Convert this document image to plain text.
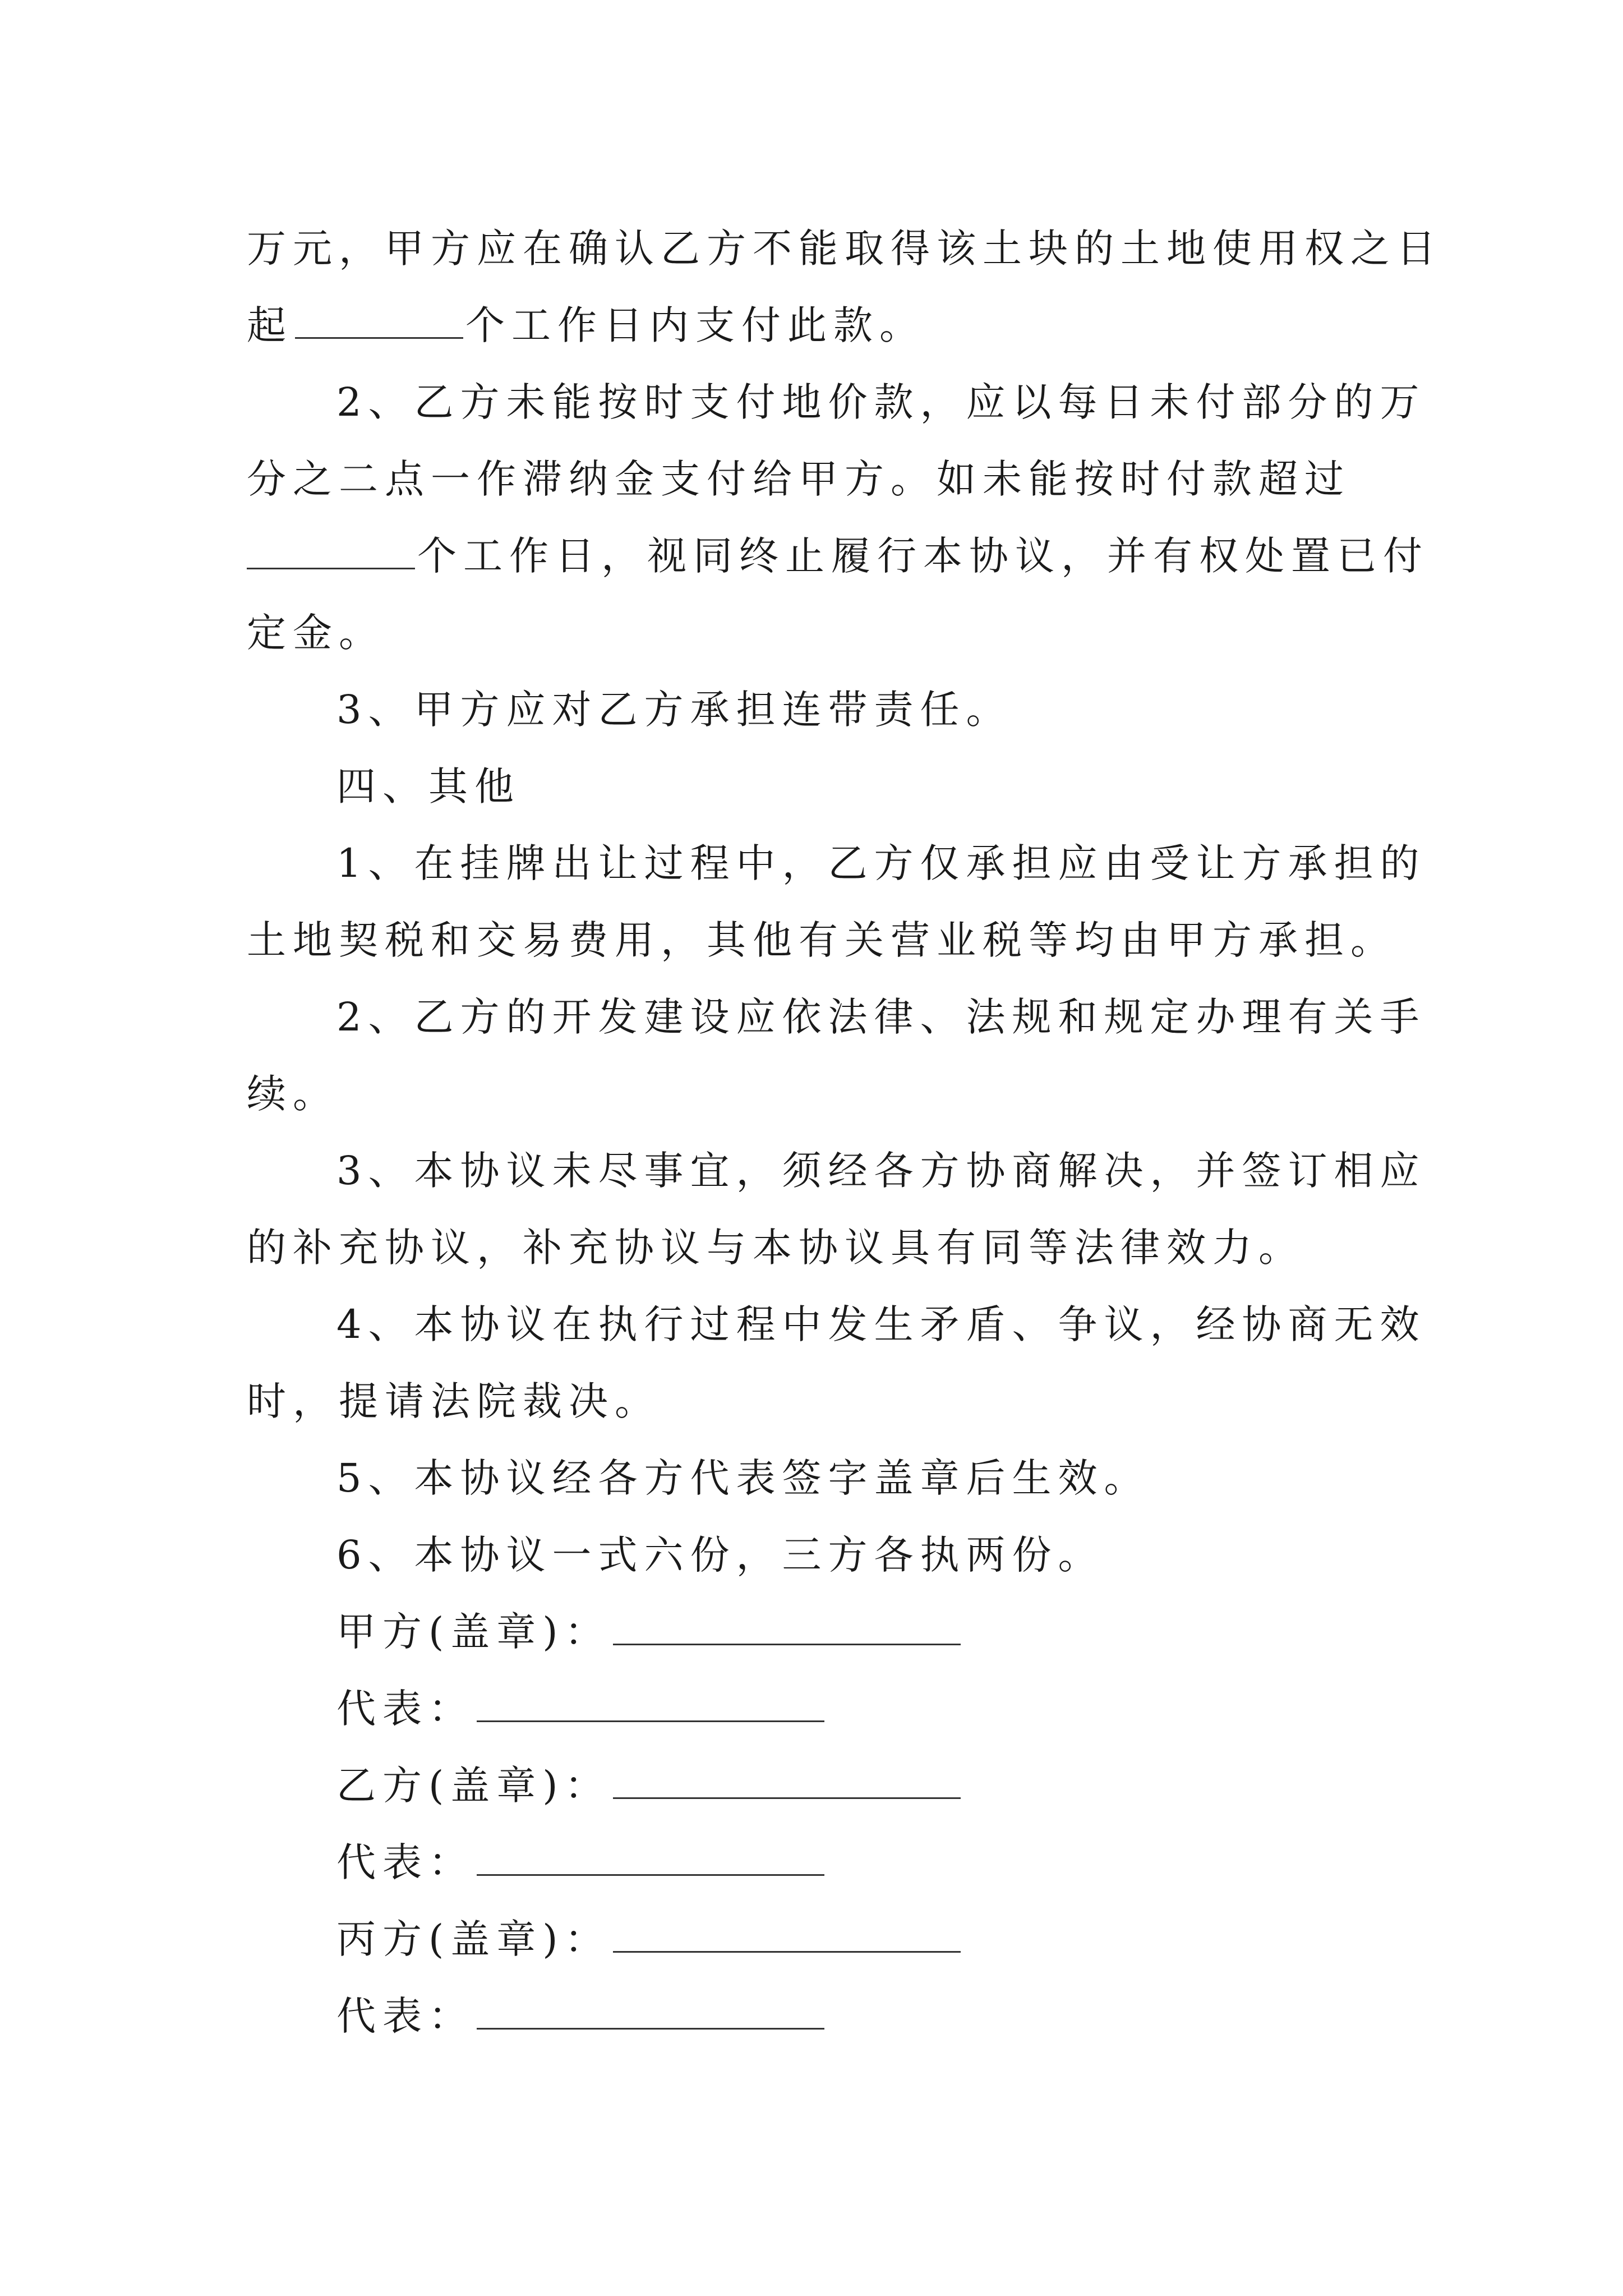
万元，甲方应在确认乙方不能取得该土块的土地使用权之日
起	个工作日内支付此款。
2、乙方未能按时支付地价款，应以每日未付部分的万
分之二点一作滞纳金支付给甲方。如未能按时付款超过
个工作日，视同终止履行本协议，并有权处置已付
定金。
3、甲方应对乙方承担连带责任。
四、其他
1、在挂牌出让过程中，乙方仅承担应由受让方承担的
土地契税和交易费用，其他有关营业税等均由甲方承担。
2、乙方的开发建设应依法律、法规和规定办理有关手
续。
3、本协议未尽事宜，须经各方协商解决，并签订相应
的补充协议，补充协议与本协议具有同等法律效力。
4、本协议在执行过程中发生矛盾、争议，经协商无效
时，提请法院裁决。
5、本协议经各方代表签字盖章后生效。
6、本协议一式六份，三方各执两份。
甲方(盖章)：
代表：
乙方(盖章)：
代表：
丙方(盖章)：
代表：
